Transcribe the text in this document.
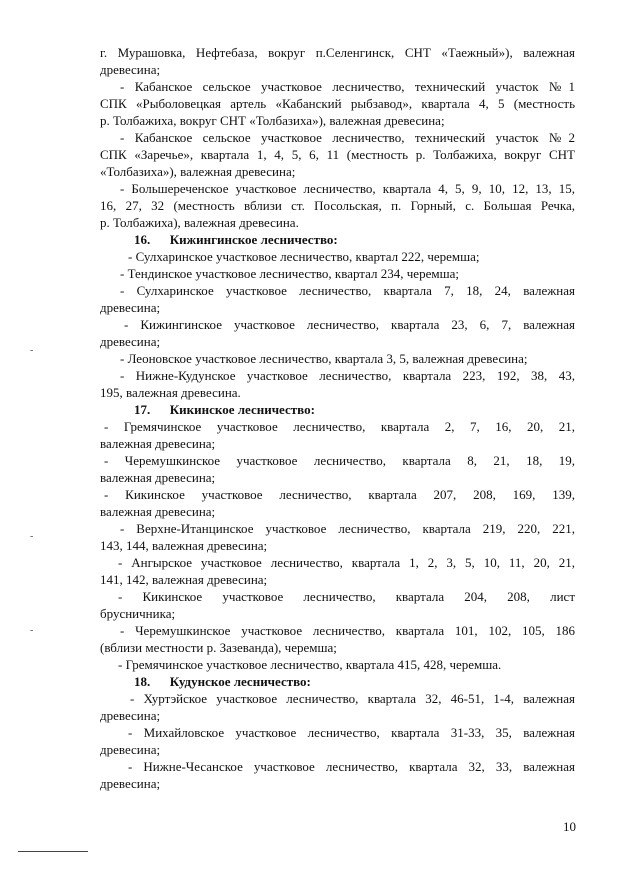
г. Мурашовка, Нефтебаза, вокруг п.Селенгинск, СНТ «Таежный»), валежная
древесина;
- Кабанское сельское участковое лесничество, технический участок №1
СПК «Рыболовецкая артель «Кабанский рыбзавод», квартала 4, 5 (местность
р. Толбажиха, вокруг СНТ «Толбазиха»), валежная древесина;
- Кабанское сельское участковое лесничество, технический участок №2
СПК «Заречье», квартала 1, 4, 5, 6, 11 (местность р. Толбажиха, вокруг СНТ
«Толбазиха»), валежная древесина;
- Большереченское участковое лесничество, квартала 4, 5, 9, 10, 12, 13, 15,
16, 27, 32 (местность вблизи ст. Посольская, п. Горный, с. Большая Речка,
р. Толбажиха), валежная древесина.
16.      Кижингинское лесничество:
- Сулхаринское участковое лесничество, квартал 222, черемша;
- Тендинское участковое лесничество, квартал 234, черемша;
- Сулхаринское участковое лесничество, квартала 7, 18, 24, валежная
древесина;
- Кижингинское участковое лесничество, квартала 23, 6, 7, валежная
древесина;
- Леоновское участковое лесничество, квартала 3, 5, валежная древесина;
- Нижне-Кудунское участковое лесничество, квартала 223, 192, 38, 43,
195, валежная древесина.
17.      Кикинское лесничество:
- Гремячинское участковое лесничество, квартала 2, 7, 16, 20, 21,
валежная древесина;
- Черемушкинское участковое лесничество, квартала 8, 21, 18, 19,
валежная древесина;
- Кикинское участковое лесничество, квартала 207, 208, 169, 139,
валежная древесина;
- Верхне-Итанцинское участковое лесничество, квартала 219, 220, 221,
143, 144, валежная древесина;
- Ангырское участковое лесничество, квартала 1, 2, 3, 5, 10, 11, 20, 21,
141, 142, валежная древесина;
- Кикинское участковое лесничество, квартала 204, 208, лист
брусничника;
- Черемушкинское участковое лесничество, квартала 101, 102, 105, 186
(вблизи местности р. Зазеванда), черемша;
- Гремячинское участковое лесничество, квартала 415, 428, черемша.
18.      Кудунское лесничество:
- Хуртэйское участковое лесничество, квартала 32, 46-51, 1-4, валежная
древесина;
- Михайловское участковое лесничество, квартала 31-33, 35, валежная
древесина;
- Нижне-Чесанское участковое лесничество, квартала 32, 33, валежная
древесина;
-
-
-
10
